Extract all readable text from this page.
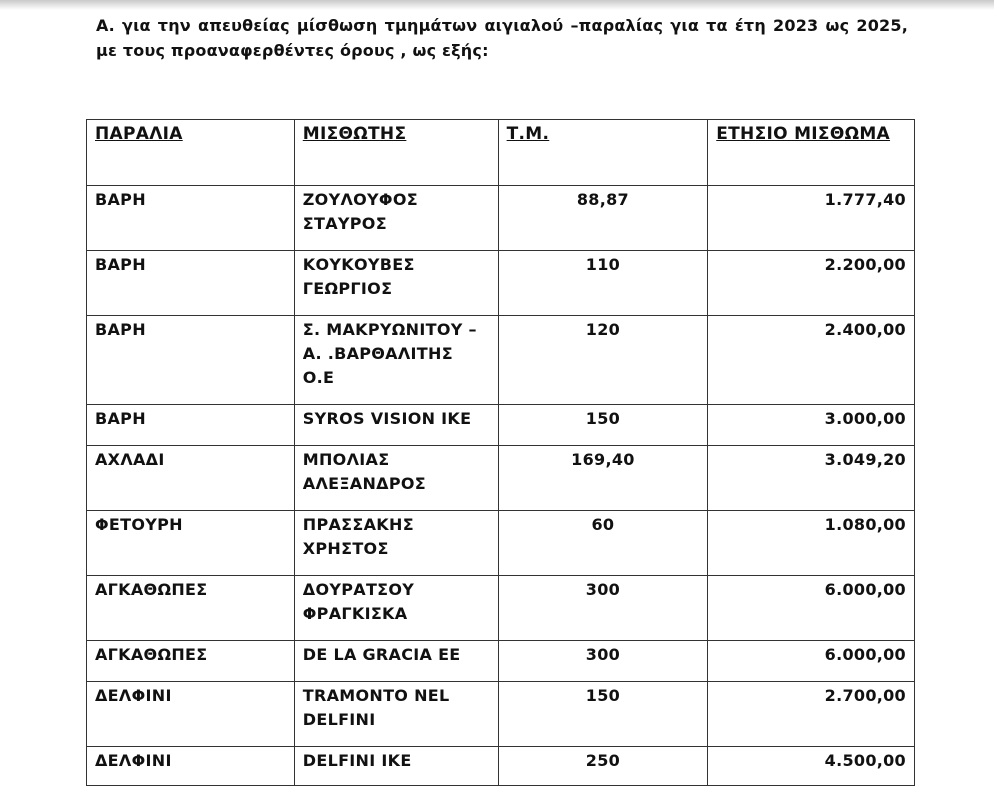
Α. για την απευθείας μίσθωση τμημάτων αιγιαλού –παραλίας για τα έτη 2023 ως 2025, με τους προαναφερθέντες όρους , ως εξής:
ΠΑΡΑΛΙΑ	ΜΙΣΘΩΤΗΣ	Τ.Μ.	ΕΤΗΣΙΟ ΜΙΣΘΩΜΑ
ΒΑΡΗ	ΖΟΥΛΟΥΦΟΣ ΣΤΑΥΡΟΣ	88,87	1.777,40
ΒΑΡΗ	ΚΟΥΚΟΥΒΕΣ ΓΕΩΡΓΙΟΣ	110	2.200,00
ΒΑΡΗ	Σ. ΜΑΚΡΥΩΝΙΤΟΥ – Α. .ΒΑΡΘΑΛΙΤΗΣ Ο.Ε	120	2.400,00
ΒΑΡΗ	SYROS VISION IKE	150	3.000,00
ΑΧΛΑΔΙ	ΜΠΟΛΙΑΣ ΑΛΕΞΑΝΔΡΟΣ	169,40	3.049,20
ΦΕΤΟΥΡΗ	ΠΡΑΣΣΑΚΗΣ ΧΡΗΣΤΟΣ	60	1.080,00
ΑΓΚΑΘΩΠΕΣ	ΔΟΥΡΑΤΣΟΥ ΦΡΑΓΚΙΣΚΑ	300	6.000,00
ΑΓΚΑΘΩΠΕΣ	DE LA GRACIA EE	300	6.000,00
ΔΕΛΦΙΝΙ	TRAMONTO NEL DELFINI	150	2.700,00
ΔΕΛΦΙΝΙ	DELFINI IKE	250	4.500,00
